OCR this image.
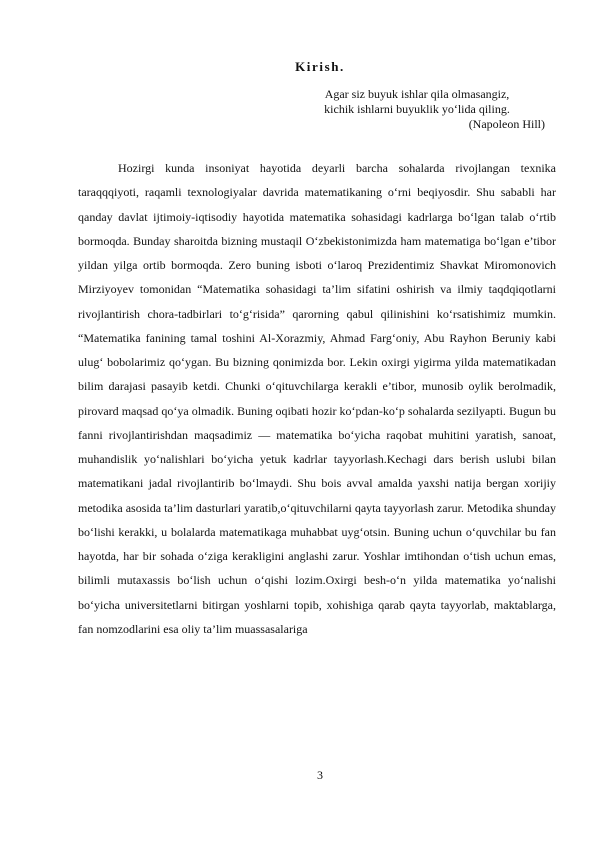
Kirish.
Agar siz buyuk ishlar qila olmasangiz,
kichik ishlarni buyuklik yo‘lida qiling.
(Napoleon Hill)

Hozirgi kunda insoniyat hayotida deyarli barcha sohalarda rivojlangan texnika taraqqqiyoti, raqamli texnologiyalar davrida matematikaning o‘rni beqiyosdir. Shu sababli har qanday davlat ijtimoiy-iqtisodiy hayotida matematika sohasidagi kadrlarga bo‘lgan talab o‘rtib bormoqda. Bunday sharoitda bizning mustaqil O‘zbekistonimizda ham matematiga bo‘lgan e’tibor yildan yilga ortib bormoqda. Zero buning isboti o‘laroq Prezidentimiz Shavkat Miromonovich Mirziyoyev tomonidan “Matematika sohasidagi ta’lim sifatini oshirish va ilmiy taqdqiqotlarni rivojlantirish chora-tadbirlari to‘g‘risida” qarorning qabul qilinishini ko‘rsatishimiz mumkin. “Matematika fanining tamal toshini Al-Xorazmiy, Ahmad Farg‘oniy, Abu Rayhon Beruniy kabi ulug‘ bobolarimiz qo‘ygan. Bu bizning qonimizda bor. Lekin oxirgi yigirma yilda matematikadan bilim darajasi pasayib ketdi. Chunki o‘qituvchilarga kerakli e’tibor, munosib oylik berolmadik, pirovard maqsad qo‘ya olmadik. Buning oqibati hozir ko‘pdan-ko‘p sohalarda sezilyapti. Bugun bu fanni rivojlantirishdan maqsadimiz — matematika bo‘yicha raqobat muhitini yaratish, sanoat, muhandislik yo‘nalishlari bo‘yicha yetuk kadrlar tayyorlash.Kechagi dars berish uslubi bilan matematikani jadal rivojlantirib bo‘lmaydi. Shu bois avval amalda yaxshi natija bergan xorijiy metodika asosida ta’lim dasturlari yaratib,o‘qituvchilarni qayta tayyorlash zarur. Metodika shunday bo‘lishi kerakki, u bolalarda matematikaga muhabbat uyg‘otsin. Buning uchun o‘quvchilar bu fan hayotda, har bir sohada o‘ziga kerakligini anglashi zarur. Yoshlar imtihondan o‘tish uchun emas, bilimli mutaxassis bo‘lish uchun o‘qishi lozim.Oxirgi besh-o‘n yilda matematika yo‘nalishi bo‘yicha universitetlarni bitirgan yoshlarni topib, xohishiga qarab qayta tayyorlab, maktablarga, fan nomzodlarini esa oliy ta’lim muassasalariga

3
